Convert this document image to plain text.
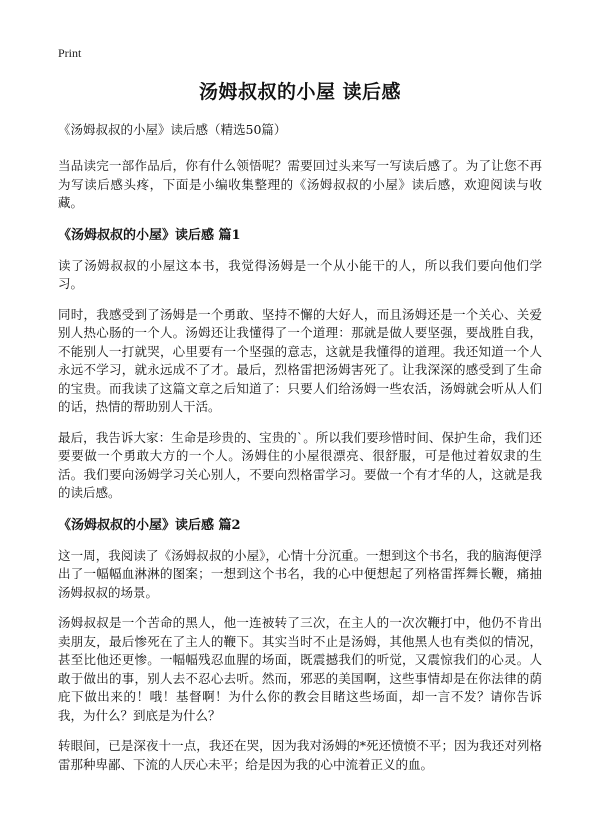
Print
汤姆叔叔的小屋 读后感
《汤姆叔叔的小屋》读后感（精选50篇）

当品读完一部作品后，你有什么领悟呢？需要回过头来写一写读后感了。为了让您不再为写读后感头疼，下面是小编收集整理的《汤姆叔叔的小屋》读后感，欢迎阅读与收藏。

《汤姆叔叔的小屋》读后感 篇1

读了汤姆叔叔的小屋这本书，我觉得汤姆是一个从小能干的人，所以我们要向他们学习。

同时，我感受到了汤姆是一个勇敢、坚持不懈的大好人，而且汤姆还是一个关心、关爱别人热心肠的一个人。汤姆还让我懂得了一个道理：那就是做人要坚强，要战胜自我，不能别人一打就哭，心里要有一个坚强的意志，这就是我懂得的道理。我还知道一个人永远不学习，就永远成不了才。最后，烈格雷把汤姆害死了。让我深深的感受到了生命的宝贵。而我读了这篇文章之后知道了：只要人们给汤姆一些农活，汤姆就会听从人们的话，热情的帮助别人干活。

最后，我告诉大家：生命是珍贵的、宝贵的`。所以我们要珍惜时间、保护生命，我们还要要做一个勇敢大方的一个人。汤姆住的小屋很漂亮、很舒服，可是他过着奴隶的生活。我们要向汤姆学习关心别人，不要向烈格雷学习。要做一个有才华的人，这就是我的读后感。

《汤姆叔叔的小屋》读后感 篇2

这一周，我阅读了《汤姆叔叔的小屋》，心情十分沉重。一想到这个书名，我的脑海便浮出了一幅幅血淋淋的图案；一想到这个书名，我的心中便想起了列格雷挥舞长鞭，痛抽汤姆叔叔的场景。

汤姆叔叔是一个苦命的黑人，他一连被转了三次，在主人的一次次鞭打中，他仍不肯出卖朋友，最后惨死在了主人的鞭下。其实当时不止是汤姆，其他黑人也有类似的情况，甚至比他还更惨。一幅幅残忍血腥的场面，既震撼我们的听觉，又震惊我们的心灵。人敢于做出的事，别人去不忍心去听。然而，邪恶的美国啊，这些事情却是在你法律的荫庇下做出来的！哦！基督啊！为什么你的教会目睹这些场面，却一言不发？请你告诉我，为什么？到底是为什么？

转眼间，已是深夜十一点，我还在哭，因为我对汤姆的*死还愤愤不平；因为我还对列格雷那种卑鄙、下流的人厌心未平；给是因为我的心中流着正义的血。
